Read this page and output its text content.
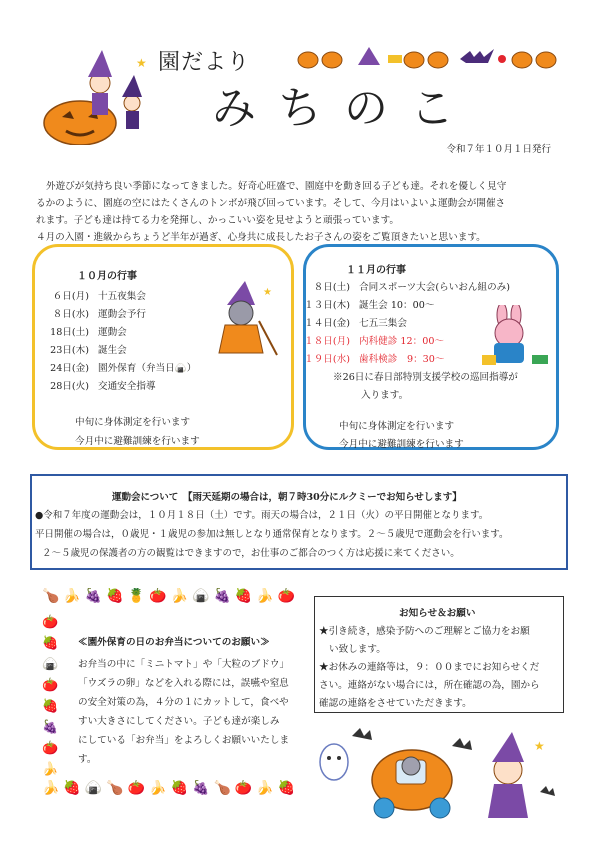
★ 園だより
みちのこ
令和７年１０月１日発行

外遊びが気持ち良い季節になってきました。好奇心旺盛で、園庭中を動き回る子ども達。それを優しく見守

るかのように、園庭の空にはたくさんのトンボが飛び回っています。そして、今月はいよいよ運動会が開催さ

れます。子ども達は持てる力を発揮し、かっこいい姿を見せようと頑張っています。

４月の入園・進級からちょうど半年が過ぎ、心身共に成長したお子さんの姿をご覧頂きたいと思います。

１０月の行事
６日(月) 十五夜集会
８日(水) 運動会予行
18日(土) 運動会
23日(木) 誕生会
24日(金) 園外保育（弁当日🍙）
28日(火) 交通安全指導
中旬に身体測定を行います
今月中に避難訓練を行います
★
１１月の行事
８日(土) 合同スポーツ大会(らいおん組のみ)
１３日(木) 誕生会 10：00～
１４日(金) 七五三集会
１８日(月) 内科健診 12：00～
１９日(水) 歯科検診　9：30～
※26日に春日部特別支援学校の巡回指導が
入ります。
中旬に身体測定を行います
今月中に避難訓練を行います
運動会について　【雨天延期の場合は，朝７時30分にルクミーでお知らせします】
●令和７年度の運動会は，１０月１８日（土）です。雨天の場合は，２１日（火）の平日開催となります。
平日開催の場合は，０歳児・１歳児の参加は無しとなり通常保育となります。２～５歳児で運動会を行います。
２～５歳児の保護者の方の観覧はできますので，お仕事のご都合のつく方は応援に来てください。
🍗🍌🍇🍓🍍🍅🍌🍙🍇🍓🍌🍅
🍅
🍓
🍙
🍅
🍓
🍇
🍅
🍌
🍌🍓🍙🍗🍅🍌🍓🍇🍗🍅🍌🍓
≪園外保育の日のお弁当についてのお願い≫
お弁当の中に「ミニトマト」や「大粒のブドウ」
「ウズラの卵」などを入れる際には，誤嚥や窒息
の安全対策の為，４分の１にカットして，食べや
すい大きさにしてください。子ども達が楽しみ
にしている「お弁当」をよろしくお願いいたしま
す。
お知らせ＆お願い
★引き続き，感染予防へのご理解とご協力をお願
い致します。
★お休みの連絡等は，９：００までにお知らせくだ
さい。連絡がない場合には，所在確認の為，園から
確認の連絡をさせていただきます。
★
